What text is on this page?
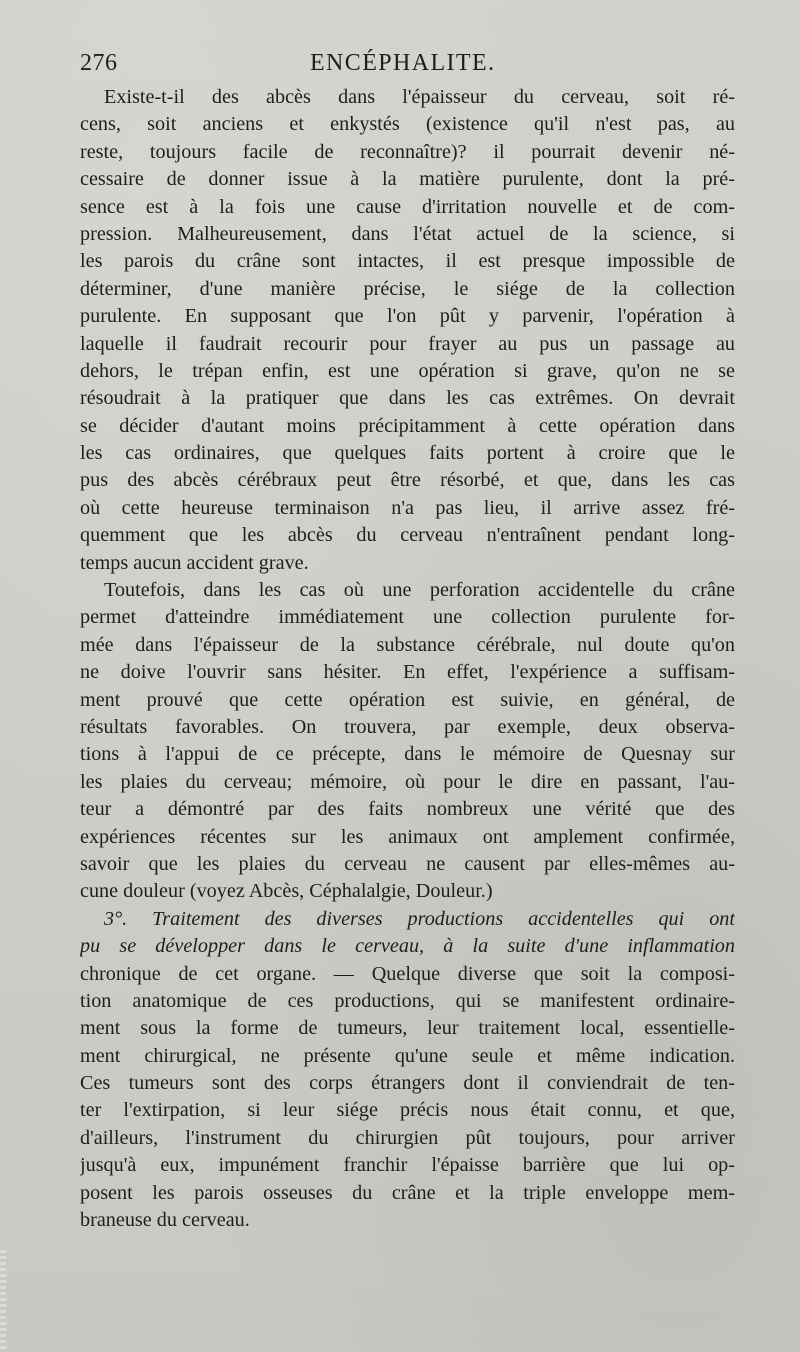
276	ENCÉPHALITE.
Existe-t-il des abcès dans l'épaisseur du cerveau, soit ré-
cens, soit anciens et enkystés (existence qu'il n'est pas, au
reste, toujours facile de reconnaître)? il pourrait devenir né-
cessaire de donner issue à la matière purulente, dont la pré-
sence est à la fois une cause d'irritation nouvelle et de com-
pression. Malheureusement, dans l'état actuel de la science, si
les parois du crâne sont intactes, il est presque impossible de
déterminer, d'une manière précise, le siége de la collection
purulente. En supposant que l'on pût y parvenir, l'opération à
laquelle il faudrait recourir pour frayer au pus un passage au
dehors, le trépan enfin, est une opération si grave, qu'on ne se
résoudrait à la pratiquer que dans les cas extrêmes. On devrait
se décider d'autant moins précipitamment à cette opération dans
les cas ordinaires, que quelques faits portent à croire que le
pus des abcès cérébraux peut être résorbé, et que, dans les cas
où cette heureuse terminaison n'a pas lieu, il arrive assez fré-
quemment que les abcès du cerveau n'entraînent pendant long-
temps aucun accident grave.
Toutefois, dans les cas où une perforation accidentelle du crâne
permet d'atteindre immédiatement une collection purulente for-
mée dans l'épaisseur de la substance cérébrale, nul doute qu'on
ne doive l'ouvrir sans hésiter. En effet, l'expérience a suffisam-
ment prouvé que cette opération est suivie, en général, de
résultats favorables. On trouvera, par exemple, deux observa-
tions à l'appui de ce précepte, dans le mémoire de Quesnay sur
les plaies du cerveau; mémoire, où pour le dire en passant, l'au-
teur a démontré par des faits nombreux une vérité que des
expériences récentes sur les animaux ont amplement confirmée,
savoir que les plaies du cerveau ne causent par elles-mêmes au-
cune douleur (voyez Abcès, Céphalalgie, Douleur.)
3°. Traitement des diverses productions accidentelles qui ont
pu se développer dans le cerveau, à la suite d'une inflammation
chronique de cet organe. — Quelque diverse que soit la composi-
tion anatomique de ces productions, qui se manifestent ordinaire-
ment sous la forme de tumeurs, leur traitement local, essentielle-
ment chirurgical, ne présente qu'une seule et même indication.
Ces tumeurs sont des corps étrangers dont il conviendrait de ten-
ter l'extirpation, si leur siége précis nous était connu, et que,
d'ailleurs, l'instrument du chirurgien pût toujours, pour arriver
jusqu'à eux, impunément franchir l'épaisse barrière que lui op-
posent les parois osseuses du crâne et la triple enveloppe mem-
braneuse du cerveau.
